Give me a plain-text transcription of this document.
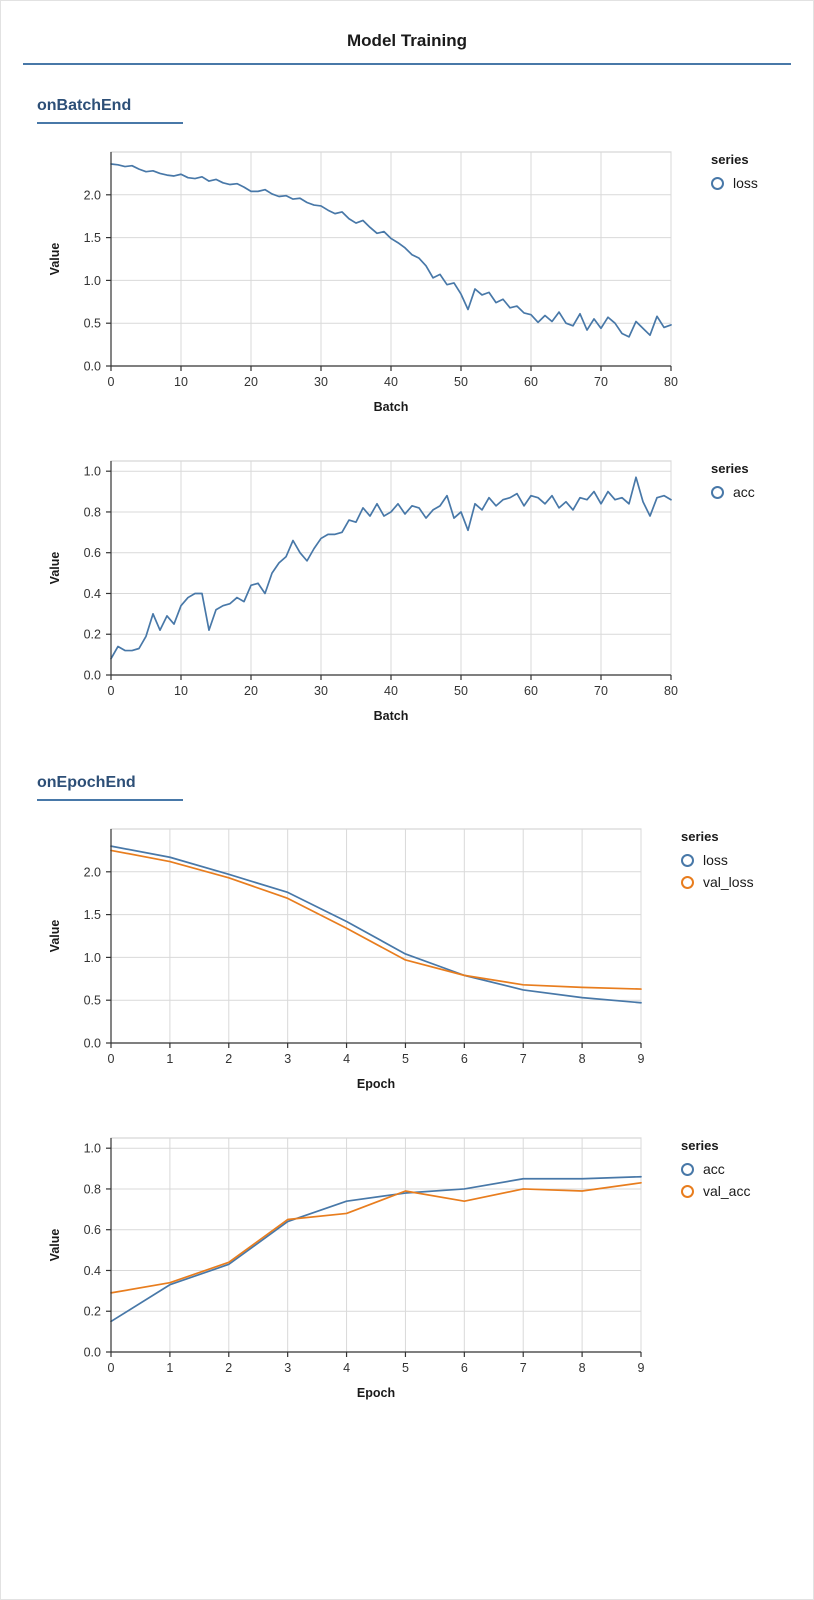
Model Training
onBatchEnd
0	10	20	30	40	50	60	70	80
0.0
0.5
1.0
1.5
2.0
Batch
Value
series
loss
0	10	20	30	40	50	60	70	80
0.0
0.2
0.4
0.6
0.8
1.0
Batch
Value
series
acc
onEpochEnd
0	1	2	3	4	5	6	7	8	9
0.0
0.5
1.0
1.5
2.0
Epoch
Value
series
loss
val_loss
0	1	2	3	4	5	6	7	8	9
0.0
0.2
0.4
0.6
0.8
1.0
Epoch
Value
series
acc
val_acc
